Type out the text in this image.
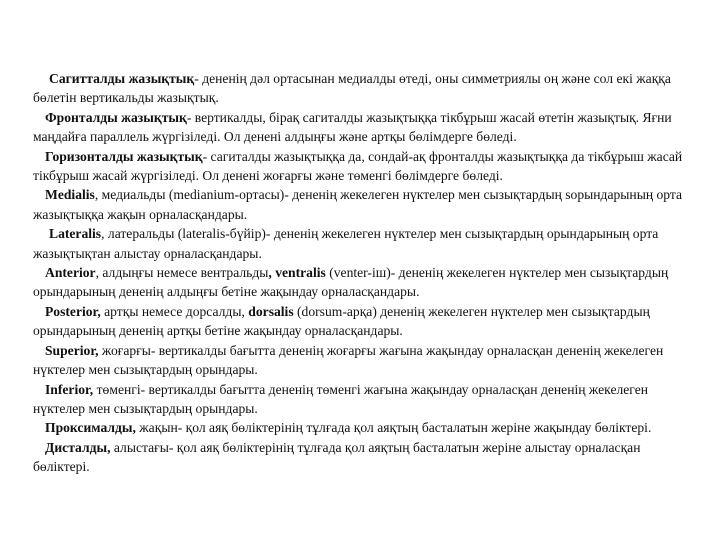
Сагитталды жазықтық- дененің дәл ортасынан медиалды өтеді, оны симметриялы оң және сол екі жаққа бөлетін вертикальды жазықтық.

Фронталды жазықтық- вертикалды, бірақ сагиталды жазықтыққа тікбұрыш жасай өтетін жазықтық. Яғни маңдайға параллель жүргізіледі. Ол денені алдыңғы және артқы бөлімдерге бөледі.

Горизонталды жазықтық- сагиталды жазықтыққа да, сондай-ақ фронталды жазықтыққа да тікбұрыш жасай тікбұрыш жасай жүргізіледі. Ол денені жоғарғы және төменгі бөлімдерге бөледі.

Medialis, медиальды (medianium-ортасы)- дененің жекелеген нүктелер мен сызықтардың sорындарының орта жазықтыққа жақын орналасқандары.

Lateralis, латеральды (lateralis-бүйір)- дененің жекелеген нүктелер мен сызықтардың орындарының орта жазықтықтан алыстау орналасқандары.

Anterior, алдыңғы немесе вентральды, ventralis (venter-іш)- дененің жекелеген нүктелер мен сызықтардың орындарының дененің алдыңғы бетіне жақындау орналасқандары.

Posterior, артқы немесе дорсалды, dorsalis (dorsum-арқа) дененің жекелеген нүктелер мен сызықтардың орындарының дененің артқы бетіне жақындау орналасқандары.

Superior, жоғарғы- вертикалды бағытта дененің жоғарғы жағына жақындау орналасқан дененің жекелеген нүктелер мен сызықтардың орындары.

Inferior, төменгі- вертикалды бағытта дененің төменгі жағына жақындау орналасқан дененің жекелеген нүктелер мен сызықтардың орындары.

Проксималды, жақын- қол аяқ бөліктерінің тұлғада қол аяқтың басталатын жеріне жақындау бөліктері.

Дисталды, алыстағы- қол аяқ бөліктерінің тұлғада қол аяқтың басталатын жеріне алыстау орналасқан бөліктері.
